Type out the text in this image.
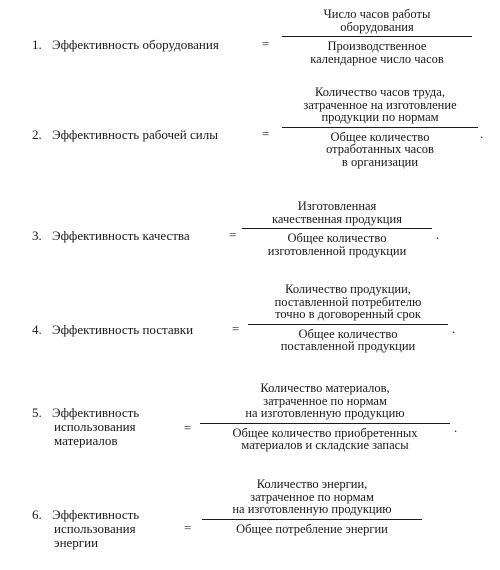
1. Эффективность оборудования	=
Число часов работы
оборудования
Производственное
календарное число часов
2. Эффективность рабочей силы	=
Количество часов труда,
затраченное на изготовление
продукции по нормам
Общее количество
отработанных часов
в организации
.
3. Эффективность качества	=
Изготовленная
качественная продукция
Общее количество
изготовленной продукции
.
4. Эффективность поставки	=
Количество продукции,
поставленной потребителю
точно в договоренный срок
Общее количество
поставленной продукции
.
5. Эффективность
использования
материалов
=
Количество материалов,
затраченное по нормам
на изготовленную продукцию
Общее количество приобретенных
материалов и складские запасы
.
6. Эффективность
использования
энергии
=
Количество энергии,
затраченное по нормам
на изготовленную продукцию
Общее потребление энергии
